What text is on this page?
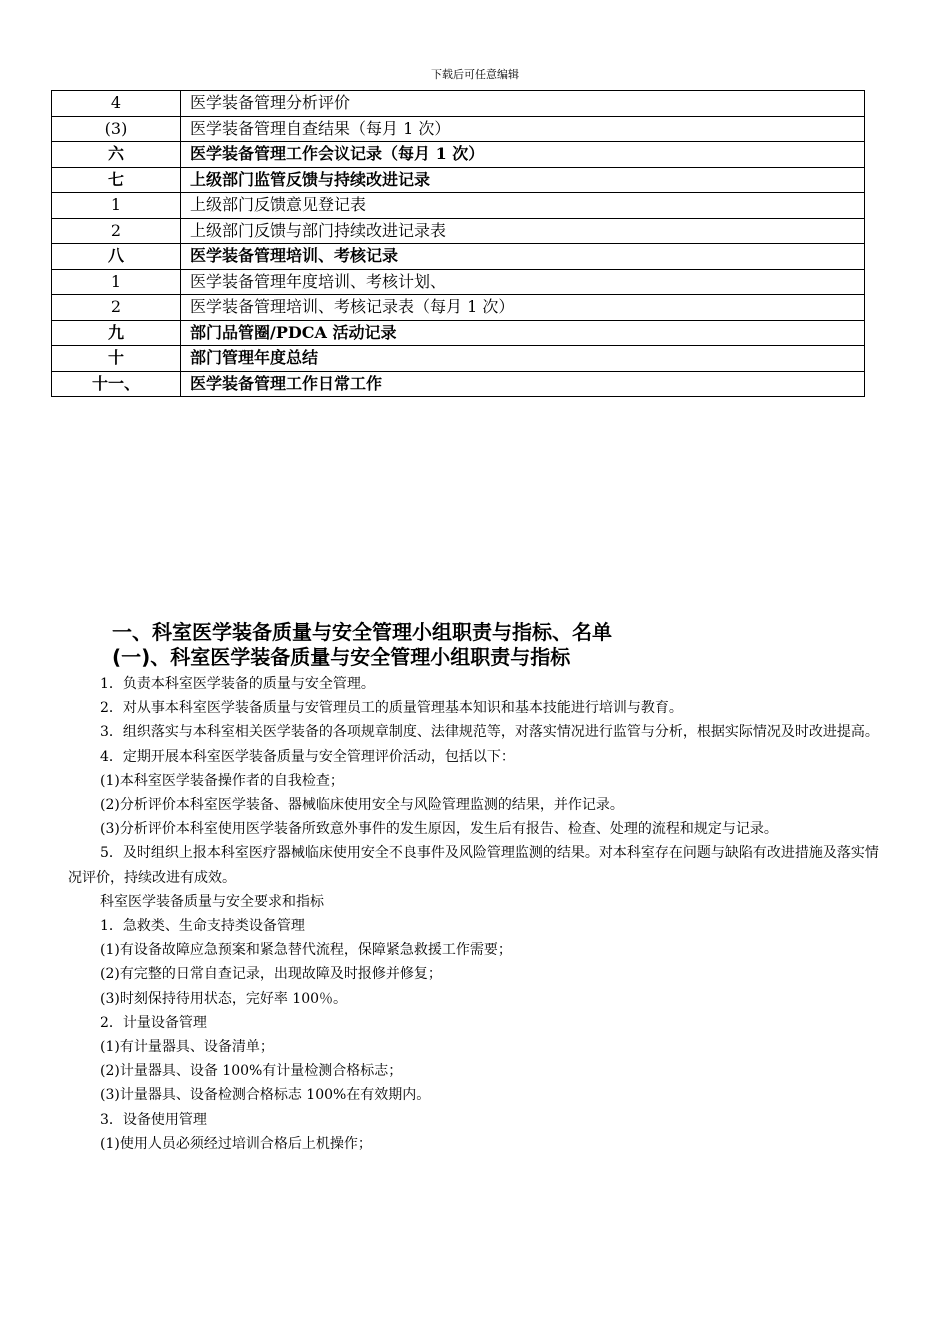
下载后可任意编辑
4	医学装备管理分析评价
(3)	医学装备管理自查结果（每月 1 次）
六	医学装备管理工作会议记录（每月 1 次）
七	上级部门监管反馈与持续改进记录
1	上级部门反馈意见登记表
2	上级部门反馈与部门持续改进记录表
八	医学装备管理培训、考核记录
1	医学装备管理年度培训、考核计划、
2	医学装备管理培训、考核记录表（每月 1 次）
九	部门品管圈/PDCA 活动记录
十	部门管理年度总结
十一、	医学装备管理工作日常工作
一、科室医学装备质量与安全管理小组职责与指标、名单
(一)、科室医学装备质量与安全管理小组职责与指标

1．负责本科室医学装备的质量与安全管理。

2．对从事本科室医学装备质量与安管理员工的质量管理基本知识和基本技能进行培训与教育。

3．组织落实与本科室相关医学装备的各项规章制度、法律规范等，对落实情况进行监管与分析，根据实际情况及时改进提高。

4．定期开展本科室医学装备质量与安全管理评价活动，包括以下：

(1)本科室医学装备操作者的自我检查；

(2)分析评价本科室医学装备、器械临床使用安全与风险管理监测的结果，并作记录。

(3)分析评价本科室使用医学装备所致意外事件的发生原因，发生后有报告、检查、处理的流程和规定与记录。

5．及时组织上报本科室医疗器械临床使用安全不良事件及风险管理监测的结果。对本科室存在问题与缺陷有改进措施及落实情况评价，持续改进有成效。

科室医学装备质量与安全要求和指标

1．急救类、生命支持类设备管理

(1)有设备故障应急预案和紧急替代流程，保障紧急救援工作需要；

(2)有完整的日常自查记录，出现故障及时报修并修复；

(3)时刻保持待用状态，完好率 100％。

2．计量设备管理

(1)有计量器具、设备清单；

(2)计量器具、设备 100%有计量检测合格标志；

(3)计量器具、设备检测合格标志 100%在有效期内。

3．设备使用管理

(1)使用人员必须经过培训合格后上机操作；
